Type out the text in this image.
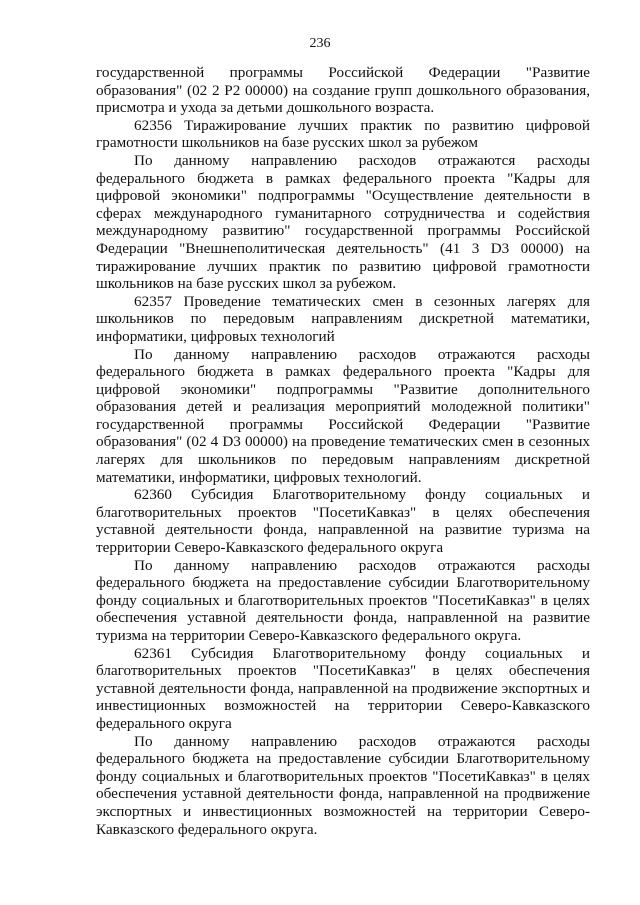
236

государственной программы Российской Федерации "Развитие образования" (02 2 Р2 00000) на создание групп дошкольного образования, присмотра и ухода за детьми дошкольного возраста.

62356 Тиражирование лучших практик по развитию цифровой грамотности школьников на базе русских школ за рубежом

По данному направлению расходов отражаются расходы федерального бюджета в рамках федерального проекта "Кадры для цифровой экономики" подпрограммы "Осуществление деятельности в сферах международного гуманитарного сотрудничества и содействия международному развитию" государственной программы Российской Федерации "Внешнеполитическая деятельность" (41 3 D3 00000) на тиражирование лучших практик по развитию цифровой грамотности школьников на базе русских школ за рубежом.

62357 Проведение тематических смен в сезонных лагерях для школьников по передовым направлениям дискретной математики, информатики, цифровых технологий

По данному направлению расходов отражаются расходы федерального бюджета в рамках федерального проекта "Кадры для цифровой экономики" подпрограммы "Развитие дополнительного образования детей и реализация мероприятий молодежной политики" государственной программы Российской Федерации "Развитие образования" (02 4 D3 00000) на проведение тематических смен в сезонных лагерях для школьников по передовым направлениям дискретной математики, информатики, цифровых технологий.

62360 Субсидия Благотворительному фонду социальных и благотворительных проектов "ПосетиКавказ" в целях обеспечения уставной деятельности фонда, направленной на развитие туризма на территории Северо-Кавказского федерального округа

По данному направлению расходов отражаются расходы федерального бюджета на предоставление субсидии Благотворительному фонду социальных и благотворительных проектов "ПосетиКавказ" в целях обеспечения уставной деятельности фонда, направленной на развитие туризма на территории Северо-Кавказского федерального округа.

62361 Субсидия Благотворительному фонду социальных и благотворительных проектов "ПосетиКавказ" в целях обеспечения уставной деятельности фонда, направленной на продвижение экспортных и инвестиционных возможностей на территории Северо-Кавказского федерального округа

По данному направлению расходов отражаются расходы федерального бюджета на предоставление субсидии Благотворительному фонду социальных и благотворительных проектов "ПосетиКавказ" в целях обеспечения уставной деятельности фонда, направленной на продвижение экспортных и инвестиционных возможностей на территории Северо-Кавказского федерального округа.
